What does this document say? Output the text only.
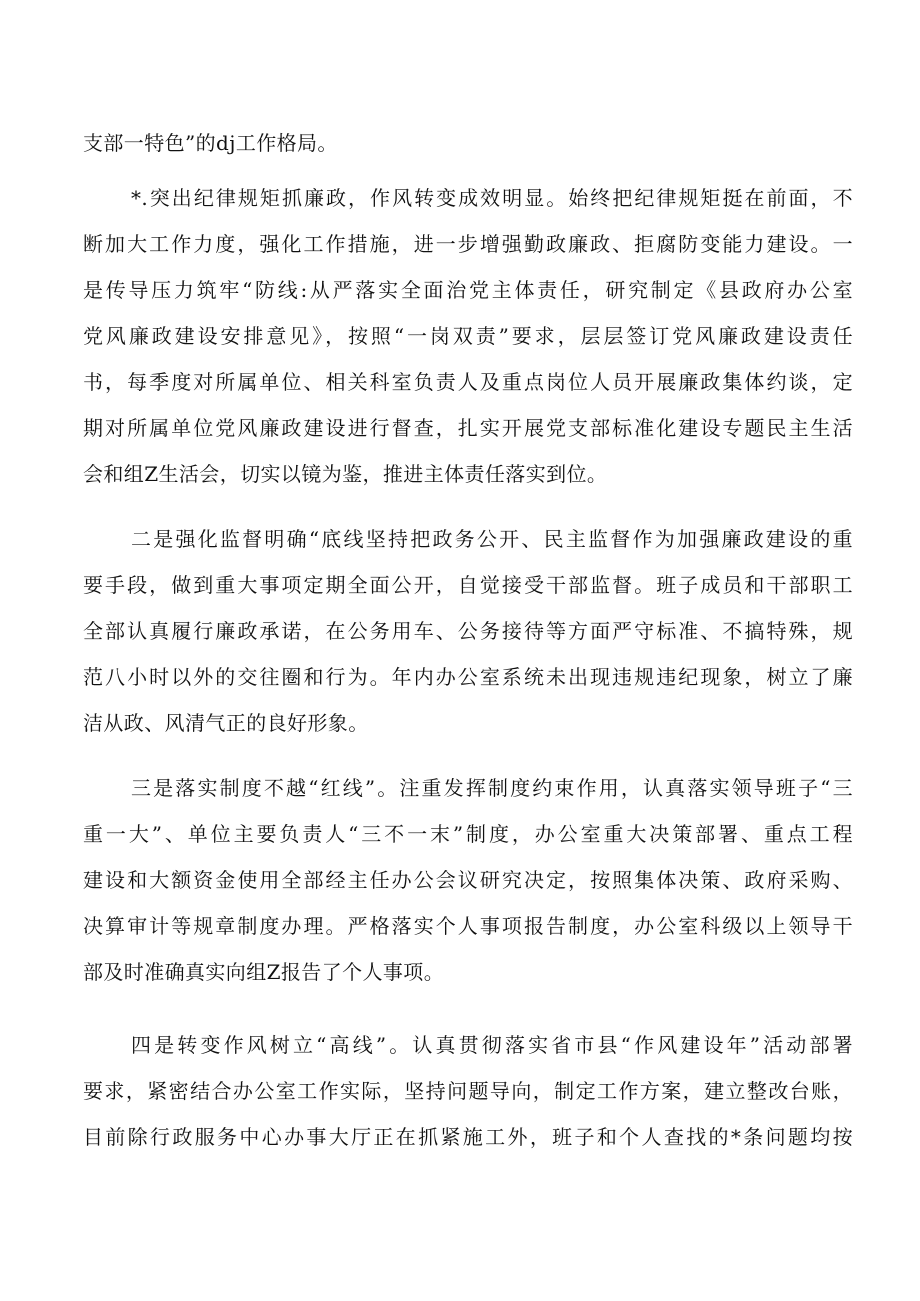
支部一特色”的dj工作格局。
*.突出纪律规矩抓廉政，作风转变成效明显。始终把纪律规矩挺在前面，不
断加大工作力度，强化工作措施，进一步增强勤政廉政、拒腐防变能力建设。一
是传导压力筑牢“防线:从严落实全面治党主体责任，研究制定《县政府办公室
党风廉政建设安排意见》，按照“一岗双责”要求，层层签订党风廉政建设责任
书，每季度对所属单位、相关科室负责人及重点岗位人员开展廉政集体约谈，定
期对所属单位党风廉政建设进行督查，扎实开展党支部标准化建设专题民主生活
会和组Z生活会，切实以镜为鉴，推进主体责任落实到位。
二是强化监督明确“底线坚持把政务公开、民主监督作为加强廉政建设的重
要手段，做到重大事项定期全面公开，自觉接受干部监督。班子成员和干部职工
全部认真履行廉政承诺，在公务用车、公务接待等方面严守标准、不搞特殊，规
范八小时以外的交往圈和行为。年内办公室系统未出现违规违纪现象，树立了廉
洁从政、风清气正的良好形象。
三是落实制度不越“红线”。注重发挥制度约束作用，认真落实领导班子“三
重一大”、单位主要负责人“三不一末”制度，办公室重大决策部署、重点工程
建设和大额资金使用全部经主任办公会议研究决定，按照集体决策、政府采购、
决算审计等规章制度办理。严格落实个人事项报告制度，办公室科级以上领导干
部及时准确真实向组Z报告了个人事项。
四是转变作风树立“高线”。认真贯彻落实省市县“作风建设年”活动部署
要求，紧密结合办公室工作实际，坚持问题导向，制定工作方案，建立整改台账，
目前除行政服务中心办事大厅正在抓紧施工外，班子和个人查找的*条问题均按
